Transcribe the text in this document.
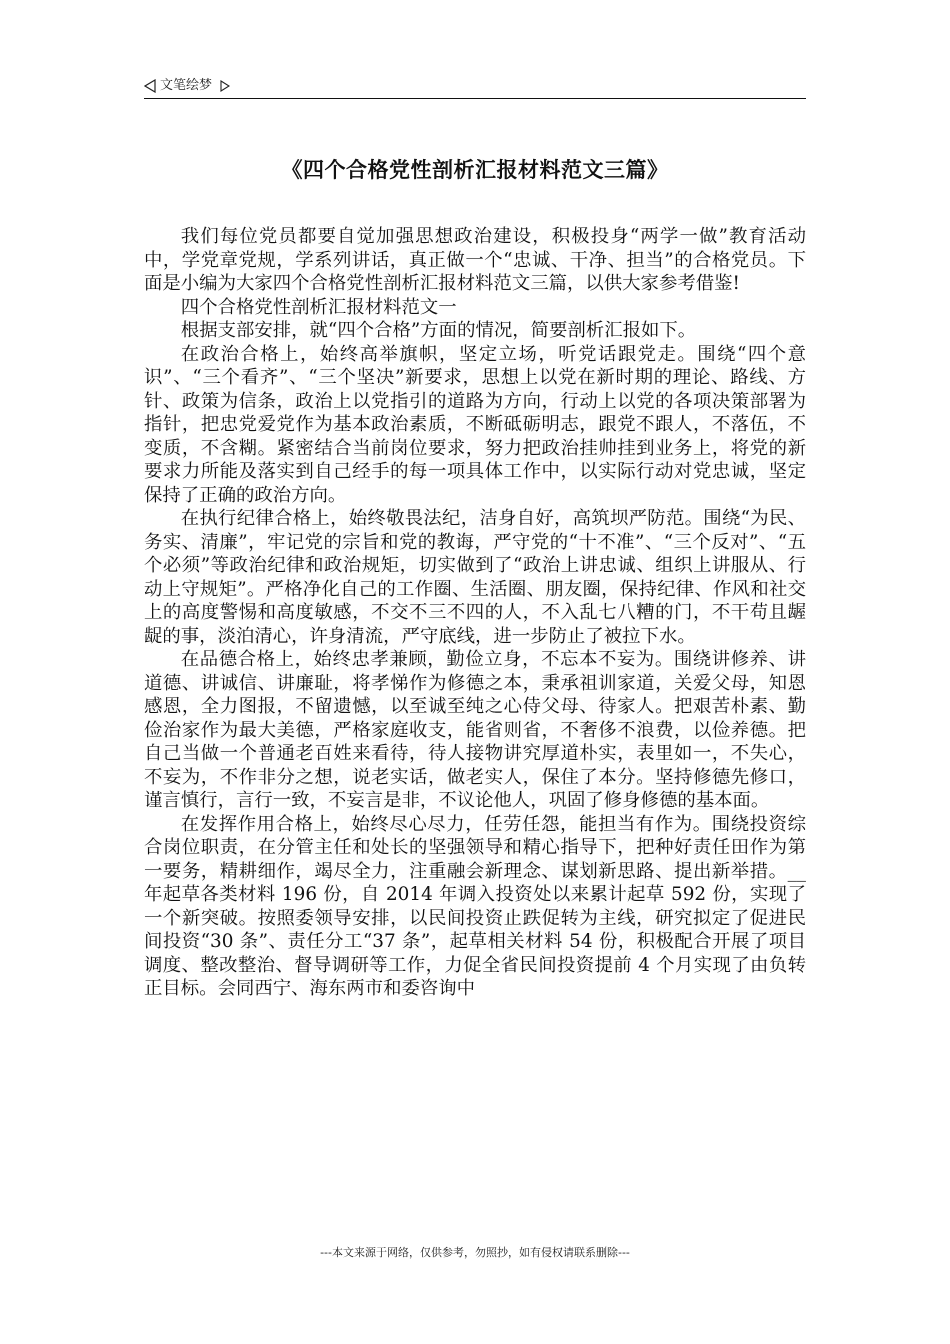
文笔绘梦
《四个合格党性剖析汇报材料范文三篇》

我们每位党员都要自觉加强思想政治建设，积极投身“两学一做”教育活动中，学党章党规，学系列讲话，真正做一个“忠诚、干净、担当”的合格党员。下面是小编为大家四个合格党性剖析汇报材料范文三篇，以供大家参考借鉴!

四个合格党性剖析汇报材料范文一

根据支部安排，就“四个合格”方面的情况，简要剖析汇报如下。

在政治合格上，始终高举旗帜，坚定立场，听党话跟党走。围绕“四个意识”、“三个看齐”、“三个坚决”新要求，思想上以党在新时期的理论、路线、方针、政策为信条，政治上以党指引的道路为方向，行动上以党的各项决策部署为指针，把忠党爱党作为基本政治素质，不断砥砺明志，跟党不跟人，不落伍，不变质，不含糊。紧密结合当前岗位要求，努力把政治挂帅挂到业务上，将党的新要求力所能及落实到自己经手的每一项具体工作中，以实际行动对党忠诚，坚定保持了正确的政治方向。

在执行纪律合格上，始终敬畏法纪，洁身自好，高筑坝严防范。围绕“为民、务实、清廉”，牢记党的宗旨和党的教诲，严守党的“十不准”、“三个反对”、“五个必须”等政治纪律和政治规矩，切实做到了“政治上讲忠诚、组织上讲服从、行动上守规矩”。严格净化自己的工作圈、生活圈、朋友圈，保持纪律、作风和社交上的高度警惕和高度敏感，不交不三不四的人，不入乱七八糟的门，不干苟且龌龊的事，淡泊清心，许身清流，严守底线，进一步防止了被拉下水。

在品德合格上，始终忠孝兼顾，勤俭立身，不忘本不妄为。围绕讲修养、讲道德、讲诚信、讲廉耻，将孝悌作为修德之本，秉承祖训家道，关爱父母，知恩感恩，全力图报，不留遗憾，以至诚至纯之心侍父母、待家人。把艰苦朴素、勤俭治家作为最大美德，严格家庭收支，能省则省，不奢侈不浪费，以俭养德。把自己当做一个普通老百姓来看待，待人接物讲究厚道朴实，表里如一，不失心，不妄为，不作非分之想，说老实话，做老实人，保住了本分。坚持修德先修口，谨言慎行，言行一致，不妄言是非，不议论他人，巩固了修身修德的基本面。

在发挥作用合格上，始终尽心尽力，任劳任怨，能担当有作为。围绕投资综合岗位职责，在分管主任和处长的坚强领导和精心指导下，把种好责任田作为第一要务，精耕细作，竭尽全力，注重融会新理念、谋划新思路、提出新举措。__年起草各类材料 196 份，自 2014 年调入投资处以来累计起草 592 份，实现了一个新突破。按照委领导安排，以民间投资止跌促转为主线，研究拟定了促进民间投资“30 条”、责任分工“37 条”，起草相关材料 54 份，积极配合开展了项目调度、整改整治、督导调研等工作，力促全省民间投资提前 4 个月实现了由负转正目标。会同西宁、海东两市和委咨询中

---本文来源于网络，仅供参考，勿照抄，如有侵权请联系删除---
